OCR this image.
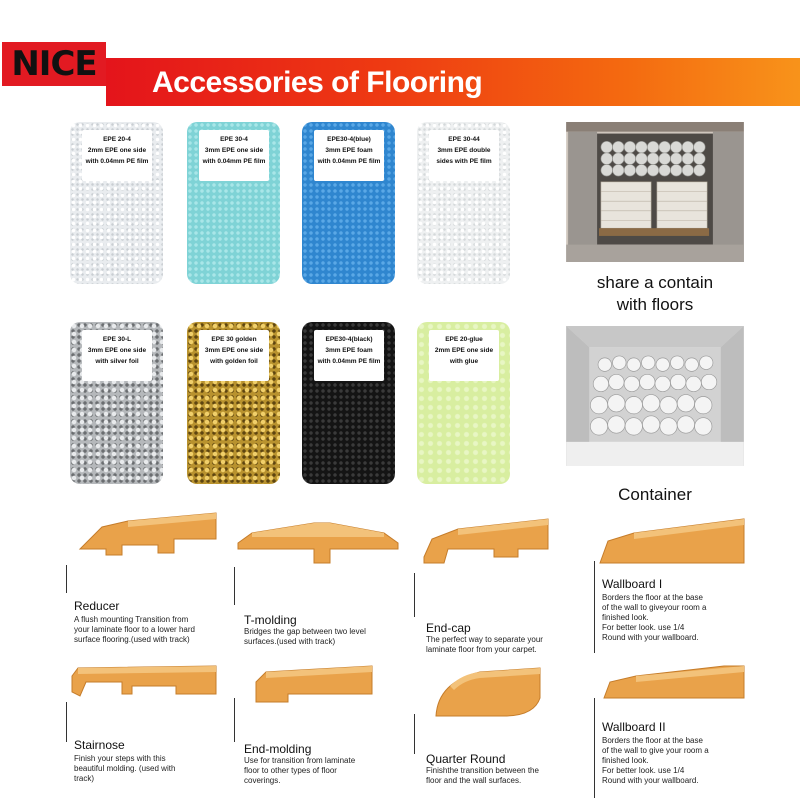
NICE	Accessories of Flooring
EPE 20-4
2mm EPE one side
with 0.04mm PE film
EPE 30-4
3mm EPE one side
with 0.04mm PE film
EPE30-4(blue)
3mm EPE foam
with 0.04mm PE film
EPE 30-44
3mm EPE double
sides with PE film
EPE 30-L
3mm EPE one side
with silver foil
EPE 30 golden
3mm EPE one side
with golden foil
EPE30-4(black)
3mm EPE foam
with 0.04mm PE film
EPE 20-glue
2mm EPE one side
with glue
share a contain
with floors
Container
Reducer
A flush mounting Transition from
your laminate floor to a lower hard
surface flooring.(used with track)
T-molding
Bridges the gap between two level
surfaces.(used with track)
End-cap
The perfect way to separate your
laminate floor from your carpet.
Wallboard I
Borders the floor at the base
of the wall to giveyour room a
finished look.
For better look. use 1/4
Round with your wallboard.
Stairnose
Finish your steps with this
beautiful molding. (used with
track)
End-molding
Use for transition from laminate
floor to other types of floor
coverings.
Quarter Round
Finishthe transition between the
floor and the wall surfaces.
Wallboard II
Borders the floor at the base
of the wall to give your room a
finished look.
For better look. use 1/4
Round with your wallboard.
